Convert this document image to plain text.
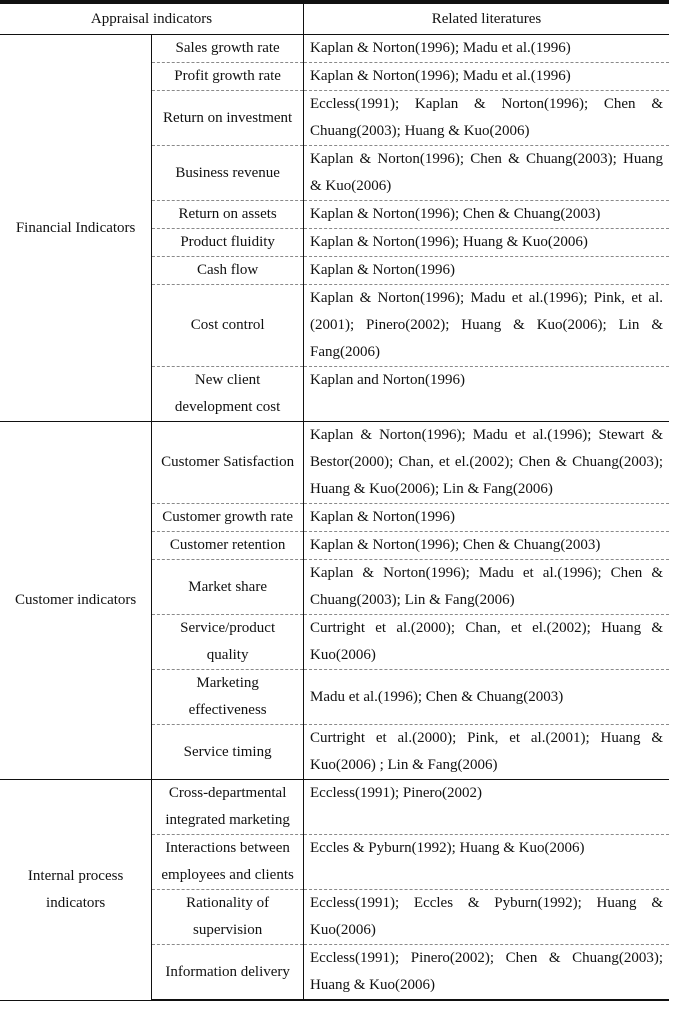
Appraisal indicators		Related literatures
Financial Indicators	Sales growth rate	Kaplan & Norton(1996); Madu et al.(1996)
	Profit growth rate	Kaplan & Norton(1996); Madu et al.(1996)
	Return on investment	Eccless(1991); Kaplan & Norton(1996); Chen & Chuang(2003); Huang & Kuo(2006)
	Business revenue	Kaplan & Norton(1996); Chen & Chuang(2003); Huang & Kuo(2006)
	Return on assets	Kaplan & Norton(1996); Chen & Chuang(2003)
	Product fluidity	Kaplan & Norton(1996); Huang & Kuo(2006)
	Cash flow	Kaplan & Norton(1996)
	Cost control	Kaplan & Norton(1996); Madu et al.(1996); Pink, et al.(2001); Pinero(2002); Huang & Kuo(2006); Lin & Fang(2006)
	New client development cost	Kaplan and Norton(1996)
Customer indicators	Customer Satisfaction	Kaplan & Norton(1996); Madu et al.(1996); Stewart & Bestor(2000); Chan, et el.(2002); Chen & Chuang(2003); Huang & Kuo(2006); Lin & Fang(2006)
	Customer growth rate	Kaplan & Norton(1996)
	Customer retention	Kaplan & Norton(1996); Chen & Chuang(2003)
	Market share	Kaplan & Norton(1996); Madu et al.(1996); Chen & Chuang(2003); Lin & Fang(2006)
	Service/product quality	Curtright et al.(2000); Chan, et el.(2002); Huang & Kuo(2006)
	Marketing effectiveness	Madu et al.(1996); Chen & Chuang(2003)
	Service timing	Curtright et al.(2000); Pink, et al.(2001); Huang & Kuo(2006) ; Lin & Fang(2006)
Internal process indicators	Cross-departmental integrated marketing	Eccless(1991); Pinero(2002)
	Interactions between employees and clients	Eccles & Pyburn(1992); Huang & Kuo(2006)
	Rationality of supervision	Eccless(1991); Eccles & Pyburn(1992); Huang & Kuo(2006)
	Information delivery	Eccless(1991); Pinero(2002); Chen & Chuang(2003); Huang & Kuo(2006)
